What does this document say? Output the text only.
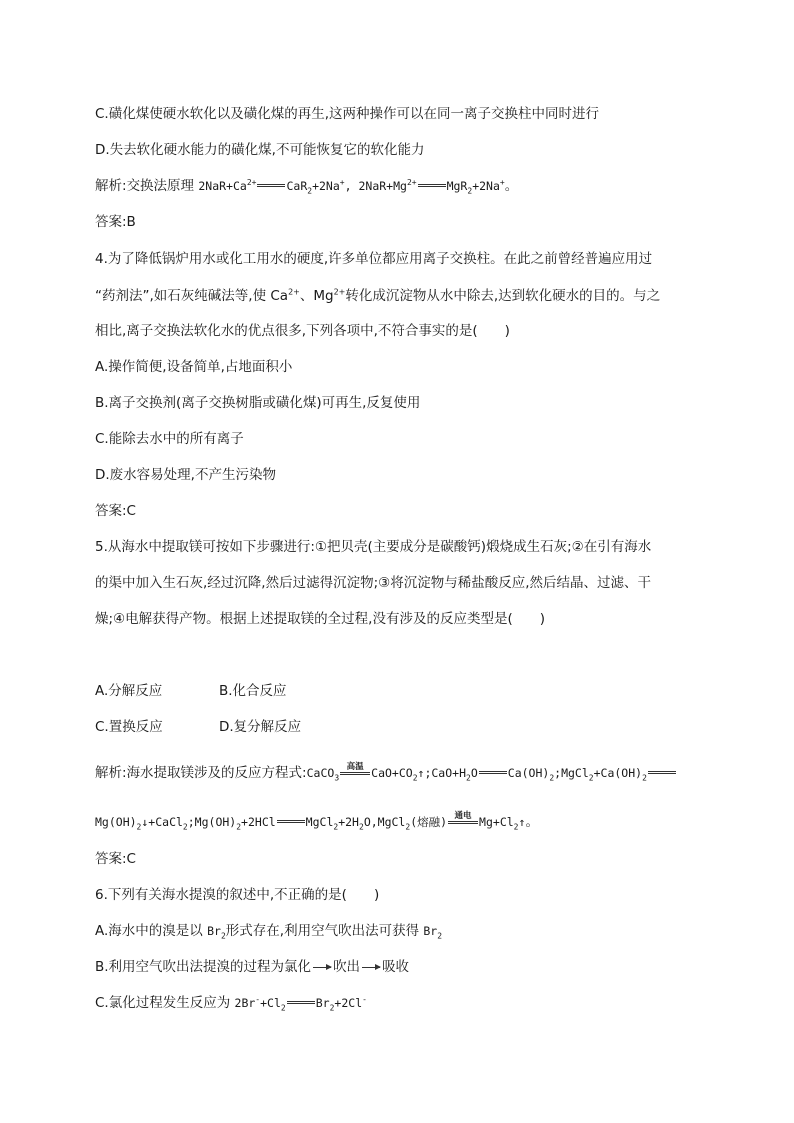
C.磺化煤使硬水软化以及磺化煤的再生,这两种操作可以在同一离子交换柱中同时进行
D.失去软化硬水能力的磺化煤,不可能恢复它的软化能力
解析:交换法原理 $2NaR+Ca^{2+}$	CaR$_2$+2Na+, $2NaR+Mg^{2+}$	MgR$_2$+2Na+。
答案:B
4.为了降低锅炉用水或化工用水的硬度,许多单位都应用离子交换柱。在此之前曾经普遍应用过
“药剂法”,如石灰纯碱法等,使 $Ca^{2+}$、$Mg^{2+}$转化成沉淀物从水中除去,达到软化硬水的目的。与之
相比,离子交换法软化水的优点很多,下列各项中,不符合事实的是(　　)
A.操作简便,设备简单,占地面积小
B.离子交换剂(离子交换树脂或磺化煤)可再生,反复使用
C.能除去水中的所有离子
D.废水容易处理,不产生污染物
答案:C
5.从海水中提取镁可按如下步骤进行:①把贝壳(主要成分是碳酸钙)煅烧成生石灰;②在引有海水
的渠中加入生石灰,经过沉降,然后过滤得沉淀物;③将沉淀物与稀盐酸反应,然后结晶、过滤、干
燥;④电解获得产物。根据上述提取镁的全过程,没有涉及的反应类型是(　　)
A.分解反应	B.化合反应
C.置换反应	D.复分解反应
解析:海水提取镁涉及的反应方程式:CaCO$_3$
高温 $CaO+CO_2↑;CaO+H_2O$	$Ca(OH)_2;MgCl_2+Ca(OH)_2$
$Mg(OH)_2↓+CaCl_2;Mg(OH)_2+2HCl$	$MgCl_2+2H_2O,MgCl_2$(熔融) 通电 $Mg+Cl_2↑$。
答案:C
6.下列有关海水提溴的叙述中,不正确的是(　　)
A.海水中的溴是以 $Br_2$形式存在,利用空气吹出法可获得 $Br_2$
B.利用空气吹出法提溴的过程为氯化 吹出 吸收
C.氯化过程发生反应为 $2Br^-+Cl_2$	$Br_2+2Cl^-$
